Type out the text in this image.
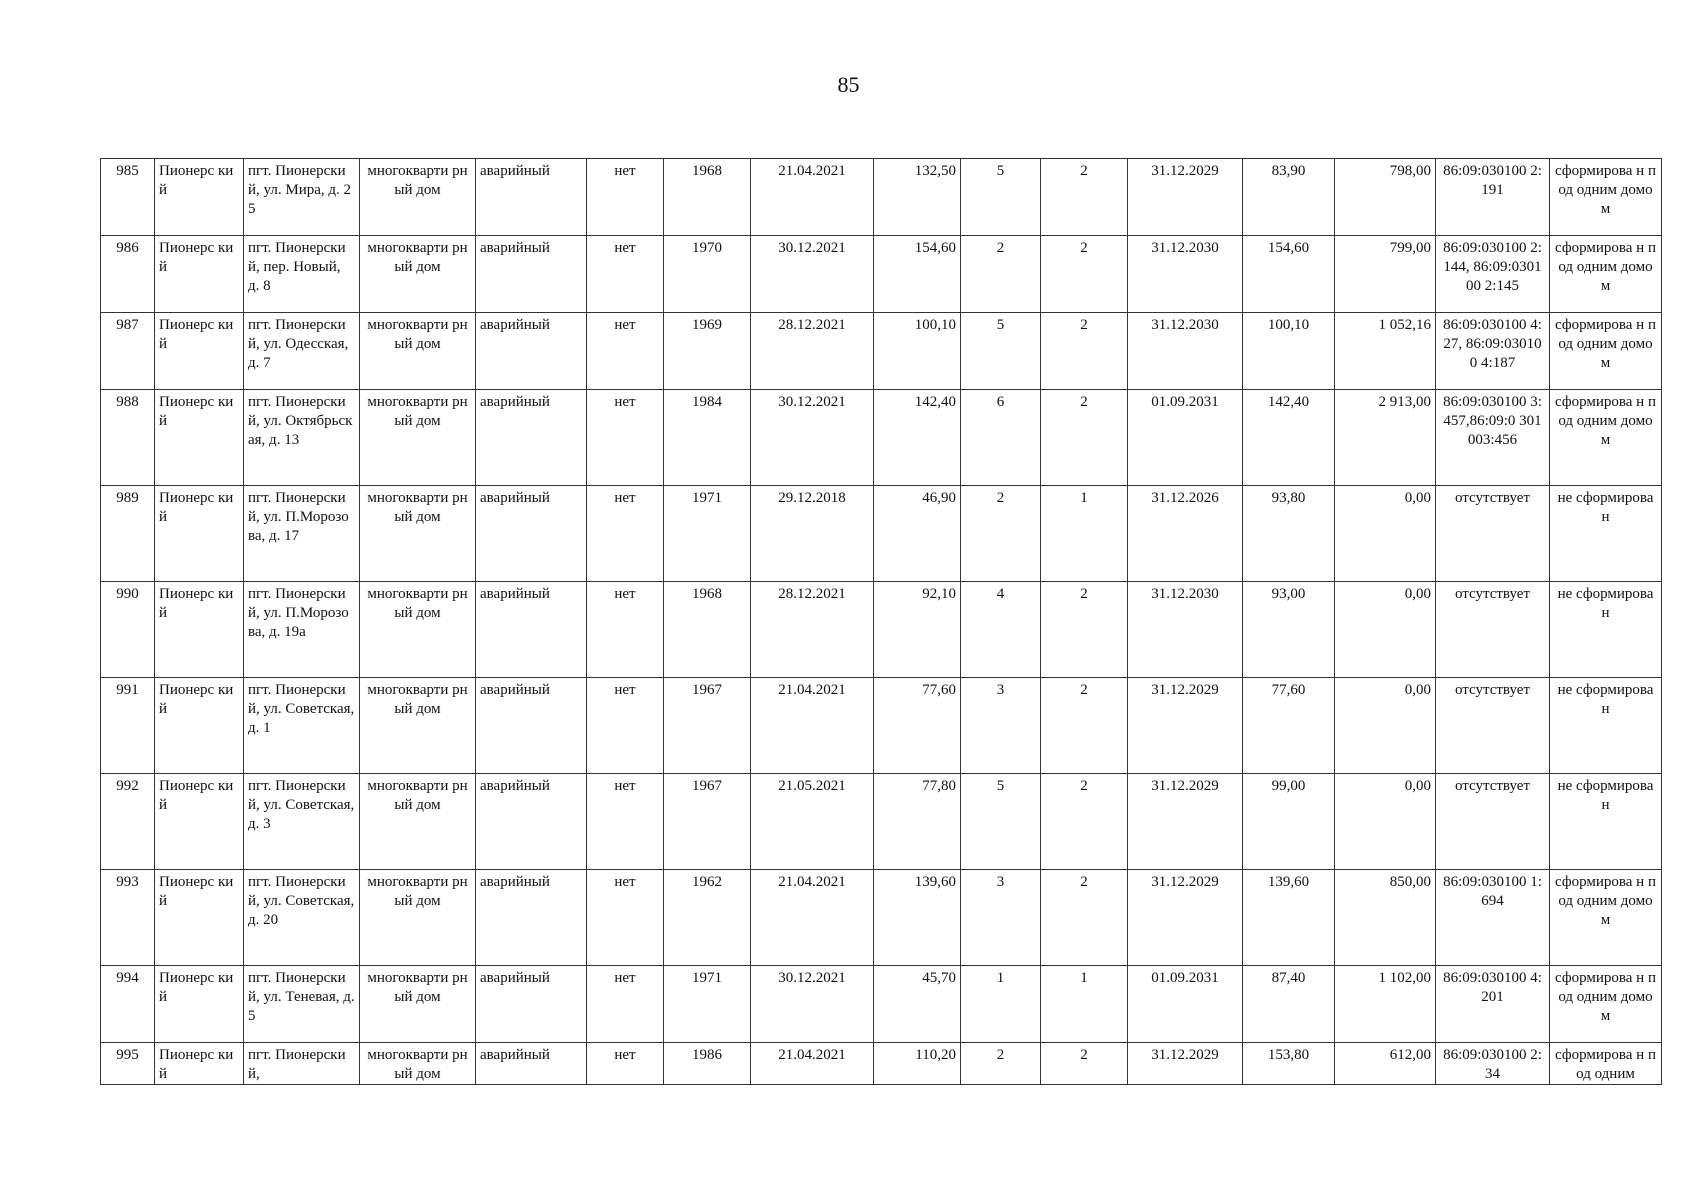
85
985	Пионерс кий	пгт. Пионерский, ул. Мира, д. 25	многокварти рный дом	аварийный	нет	1968	21.04.2021	132,50	5	2	31.12.2029	83,90	798,00	86:09:030100 2:191	сформирова н под одним домом
986	Пионерс кий	пгт. Пионерский, пер. Новый, д. 8	многокварти рный дом	аварийный	нет	1970	30.12.2021	154,60	2	2	31.12.2030	154,60	799,00	86:09:030100 2:144, 86:09:030100 2:145	сформирова н под одним домом
987	Пионерс кий	пгт. Пионерский, ул. Одесская, д. 7	многокварти рный дом	аварийный	нет	1969	28.12.2021	100,10	5	2	31.12.2030	100,10	1 052,16	86:09:030100 4:27, 86:09:030100 4:187	сформирова н под одним домом
988	Пионерс кий	пгт. Пионерский, ул. Октябрьская, д. 13	многокварти рный дом	аварийный	нет	1984	30.12.2021	142,40	6	2	01.09.2031	142,40	2 913,00	86:09:030100 3:457,86:09:0 301003:456	сформирова н под одним домом
989	Пионерс кий	пгт. Пионерский, ул. П.Морозова, д. 17	многокварти рный дом	аварийный	нет	1971	29.12.2018	46,90	2	1	31.12.2026	93,80	0,00	отсутствует	не сформирова н
990	Пионерс кий	пгт. Пионерский, ул. П.Морозова, д. 19а	многокварти рный дом	аварийный	нет	1968	28.12.2021	92,10	4	2	31.12.2030	93,00	0,00	отсутствует	не сформирова н
991	Пионерс кий	пгт. Пионерский, ул. Советская, д. 1	многокварти рный дом	аварийный	нет	1967	21.04.2021	77,60	3	2	31.12.2029	77,60	0,00	отсутствует	не сформирова н
992	Пионерс кий	пгт. Пионерский, ул. Советская, д. 3	многокварти рный дом	аварийный	нет	1967	21.05.2021	77,80	5	2	31.12.2029	99,00	0,00	отсутствует	не сформирова н
993	Пионерс кий	пгт. Пионерский, ул. Советская, д. 20	многокварти рный дом	аварийный	нет	1962	21.04.2021	139,60	3	2	31.12.2029	139,60	850,00	86:09:030100 1:694	сформирова н под одним домом
994	Пионерс кий	пгт. Пионерский, ул. Теневая, д. 5	многокварти рный дом	аварийный	нет	1971	30.12.2021	45,70	1	1	01.09.2031	87,40	1 102,00	86:09:030100 4:201	сформирова н под одним домом
995	Пионерс кий	пгт. Пионерский,	многокварти рный дом	аварийный	нет	1986	21.04.2021	110,20	2	2	31.12.2029	153,80	612,00	86:09:030100 2:34	сформирова н под одним
